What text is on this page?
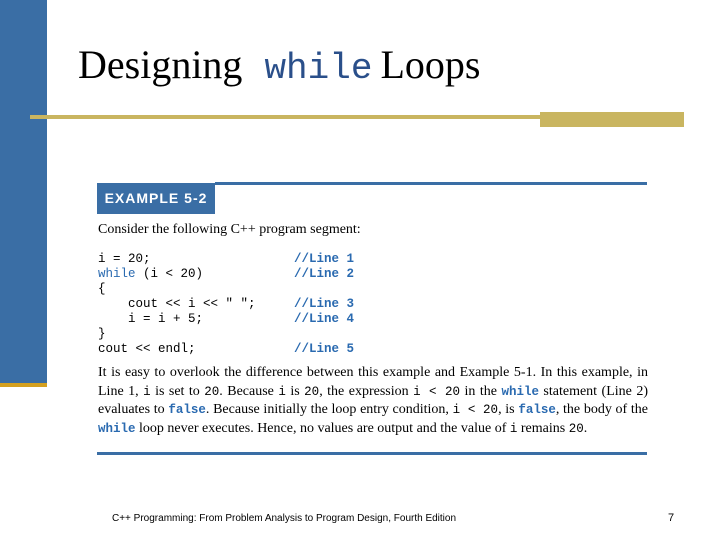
Designing while Loops
EXAMPLE 5-2
Consider the following C++ program segment:
i = 20;	//Line 1
while (i < 20)	//Line 2
{
cout << i << " ";	//Line 3
i = i + 5;	//Line 4
}
cout << endl;	//Line 5
It is easy to overlook the difference between this example and Example 5-1. In this example, in Line 1, i is set to 20. Because i is 20, the expression i < 20 in the while statement (Line 2) evaluates to false. Because initially the loop entry condition, i < 20, is false, the body of the while loop never executes. Hence, no values are output and the value of i remains 20.
C++ Programming: From Problem Analysis to Program Design, Fourth Edition	7
